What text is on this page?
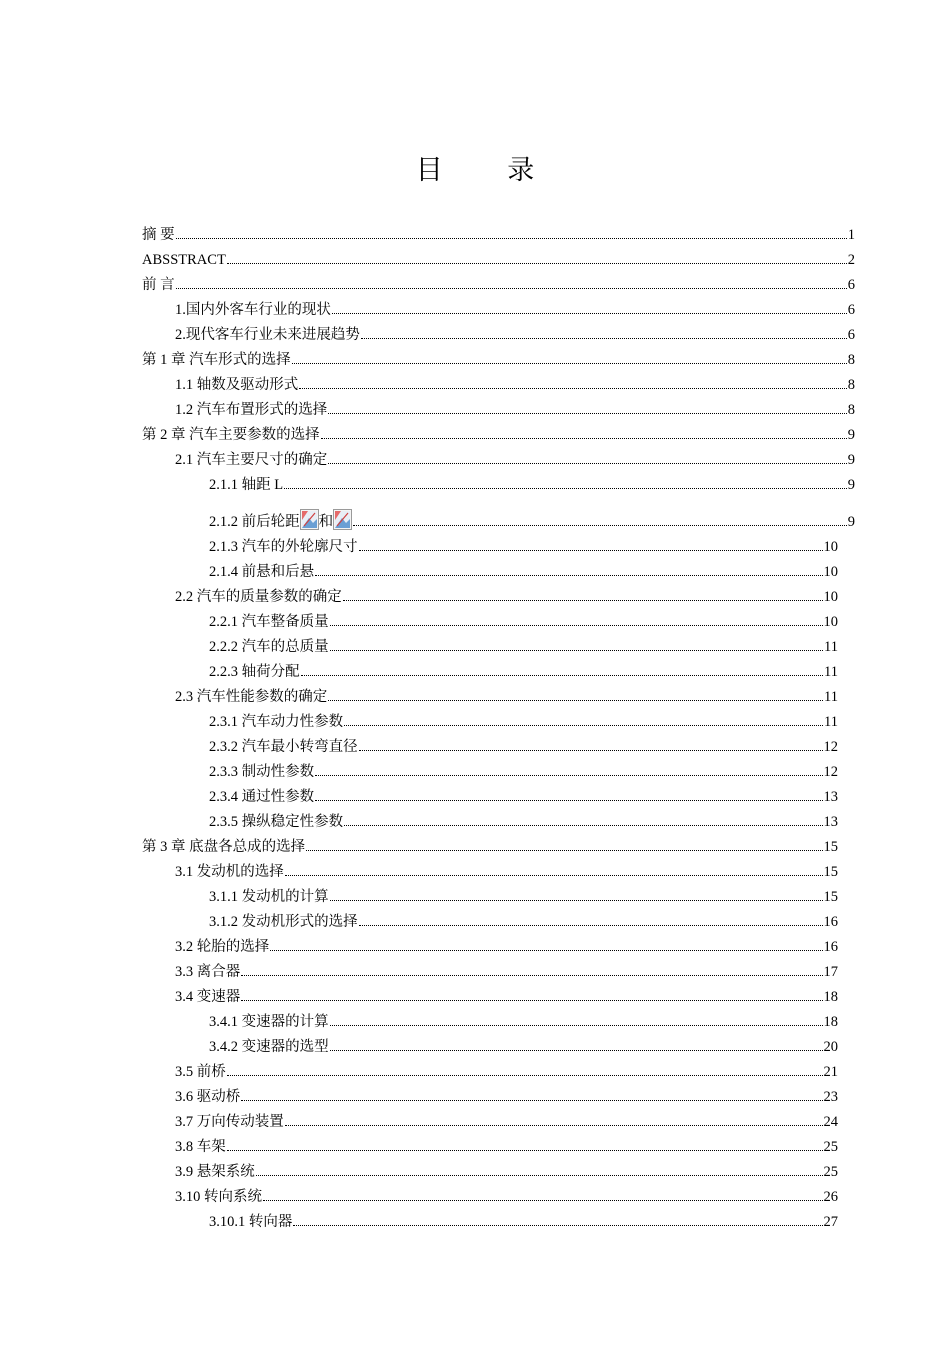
目 录
摘 要	1
ABSSTRACT	2
前 言	6
1.国内外客车行业的现状	6
2.现代客车行业未来进展趋势	6
第 1 章 汽车形式的选择	8
1.1 轴数及驱动形式	8
1.2 汽车布置形式的选择	8
第 2 章 汽车主要参数的选择	9
2.1 汽车主要尺寸的确定	9
2.1.1 轴距 L	9
2.1.2 前后轮距 和	9
2.1.3 汽车的外轮廓尺寸	10
2.1.4 前悬和后悬	10
2.2 汽车的质量参数的确定	10
2.2.1 汽车整备质量	10
2.2.2 汽车的总质量	11
2.2.3 轴荷分配	11
2.3 汽车性能参数的确定	11
2.3.1 汽车动力性参数	11
2.3.2 汽车最小转弯直径	12
2.3.3 制动性参数	12
2.3.4 通过性参数	13
2.3.5 操纵稳定性参数	13
第 3 章 底盘各总成的选择	15
3.1 发动机的选择	15
3.1.1 发动机的计算	15
3.1.2 发动机形式的选择	16
3.2 轮胎的选择	16
3.3 离合器	17
3.4 变速器	18
3.4.1 变速器的计算	18
3.4.2 变速器的选型	20
3.5 前桥	21
3.6 驱动桥	23
3.7 万向传动装置	24
3.8 车架	25
3.9 悬架系统	25
3.10 转向系统	26
3.10.1 转向器	27
